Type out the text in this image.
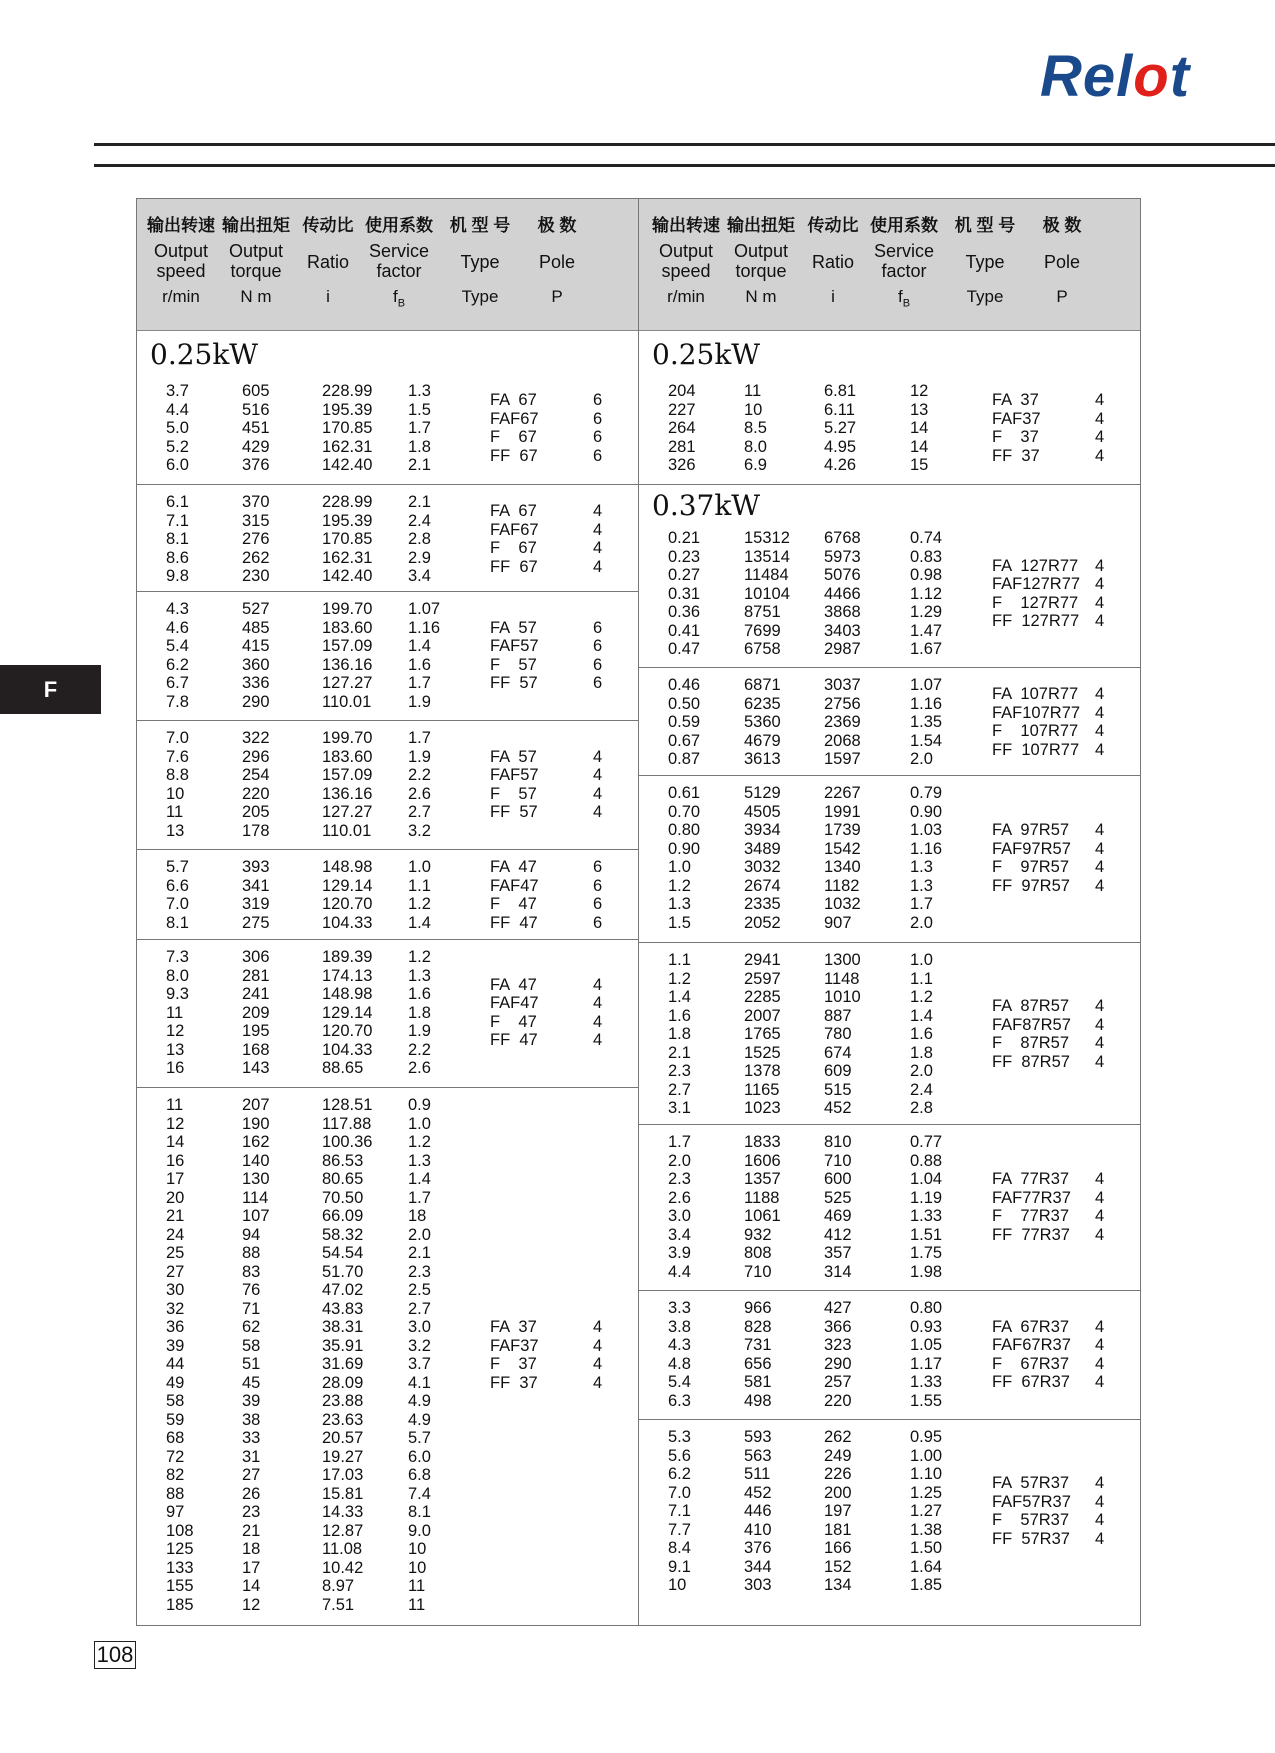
Relot
F
输出转速
Output
speed
r/min
输出扭矩
Output
torque
N m
传动比
Ratio
i
使用系数
Service
factor
$f_B$
机 型 号
Type
Type
极 数
Pole
P
输出转速
Output
speed
r/min
输出扭矩
Output
torque
N m
传动比
Ratio
i
使用系数
Service
factor
$f_B$
机 型 号
Type
Type
极 数
Pole
P
0.25kW
3.7
4.4
5.0
5.2
6.0
605
516
451
429
376
228.99
195.39
170.85
162.31
142.40
1.3
1.5
1.7
1.8
2.1
FA  67
FAF67
F    67
FF  67
6
6
6
6
6.1
7.1
8.1
8.6
9.8
370
315
276
262
230
228.99
195.39
170.85
162.31
142.40
2.1
2.4
2.8
2.9
3.4
FA  67
FAF67
F    67
FF  67
4
4
4
4
4.3
4.6
5.4
6.2
6.7
7.8
527
485
415
360
336
290
199.70
183.60
157.09
136.16
127.27
110.01
1.07
1.16
1.4
1.6
1.7
1.9
FA  57
FAF57
F    57
FF  57
6
6
6
6
7.0
7.6
8.8
10
11
13
322
296
254
220
205
178
199.70
183.60
157.09
136.16
127.27
110.01
1.7
1.9
2.2
2.6
2.7
3.2
FA  57
FAF57
F    57
FF  57
4
4
4
4
5.7
6.6
7.0
8.1
393
341
319
275
148.98
129.14
120.70
104.33
1.0
1.1
1.2
1.4
FA  47
FAF47
F    47
FF  47
6
6
6
6
7.3
8.0
9.3
11
12
13
16
306
281
241
209
195
168
143
189.39
174.13
148.98
129.14
120.70
104.33
88.65
1.2
1.3
1.6
1.8
1.9
2.2
2.6
FA  47
FAF47
F    47
FF  47
4
4
4
4
11
12
14
16
17
20
21
24
25
27
30
32
36
39
44
49
58
59
68
72
82
88
97
108
125
133
155
185
207
190
162
140
130
114
107
94
88
83
76
71
62
58
51
45
39
38
33
31
27
26
23
21
18
17
14
12
128.51
117.88
100.36
86.53
80.65
70.50
66.09
58.32
54.54
51.70
47.02
43.83
38.31
35.91
31.69
28.09
23.88
23.63
20.57
19.27
17.03
15.81
14.33
12.87
11.08
10.42
8.97
7.51
0.9
1.0
1.2
1.3
1.4
1.7
18
2.0
2.1
2.3
2.5
2.7
3.0
3.2
3.7
4.1
4.9
4.9
5.7
6.0
6.8
7.4
8.1
9.0
10
10
11
11
FA  37
FAF37
F    37
FF  37
4
4
4
4
0.25kW
204
227
264
281
326
11
10
8.5
8.0
6.9
6.81
6.11
5.27
4.95
4.26
12
13
14
14
15
FA  37
FAF37
F    37
FF  37
4
4
4
4
0.37kW
0.21
0.23
0.27
0.31
0.36
0.41
0.47
15312
13514
11484
10104
8751
7699
6758
6768
5973
5076
4466
3868
3403
2987
0.74
0.83
0.98
1.12
1.29
1.47
1.67
FA  127R77
FAF127R77
F    127R77
FF  127R77
4
4
4
4
0.46
0.50
0.59
0.67
0.87
6871
6235
5360
4679
3613
3037
2756
2369
2068
1597
1.07
1.16
1.35
1.54
2.0
FA  107R77
FAF107R77
F    107R77
FF  107R77
4
4
4
4
0.61
0.70
0.80
0.90
1.0
1.2
1.3
1.5
5129
4505
3934
3489
3032
2674
2335
2052
2267
1991
1739
1542
1340
1182
1032
907
0.79
0.90
1.03
1.16
1.3
1.3
1.7
2.0
FA  97R57
FAF97R57
F    97R57
FF  97R57
4
4
4
4
1.1
1.2
1.4
1.6
1.8
2.1
2.3
2.7
3.1
2941
2597
2285
2007
1765
1525
1378
1165
1023
1300
1148
1010
887
780
674
609
515
452
1.0
1.1
1.2
1.4
1.6
1.8
2.0
2.4
2.8
FA  87R57
FAF87R57
F    87R57
FF  87R57
4
4
4
4
1.7
2.0
2.3
2.6
3.0
3.4
3.9
4.4
1833
1606
1357
1188
1061
932
808
710
810
710
600
525
469
412
357
314
0.77
0.88
1.04
1.19
1.33
1.51
1.75
1.98
FA  77R37
FAF77R37
F    77R37
FF  77R37
4
4
4
4
3.3
3.8
4.3
4.8
5.4
6.3
966
828
731
656
581
498
427
366
323
290
257
220
0.80
0.93
1.05
1.17
1.33
1.55
FA  67R37
FAF67R37
F    67R37
FF  67R37
4
4
4
4
5.3
5.6
6.2
7.0
7.1
7.7
8.4
9.1
10
593
563
511
452
446
410
376
344
303
262
249
226
200
197
181
166
152
134
0.95
1.00
1.10
1.25
1.27
1.38
1.50
1.64
1.85
FA  57R37
FAF57R37
F    57R37
FF  57R37
4
4
4
4
108
